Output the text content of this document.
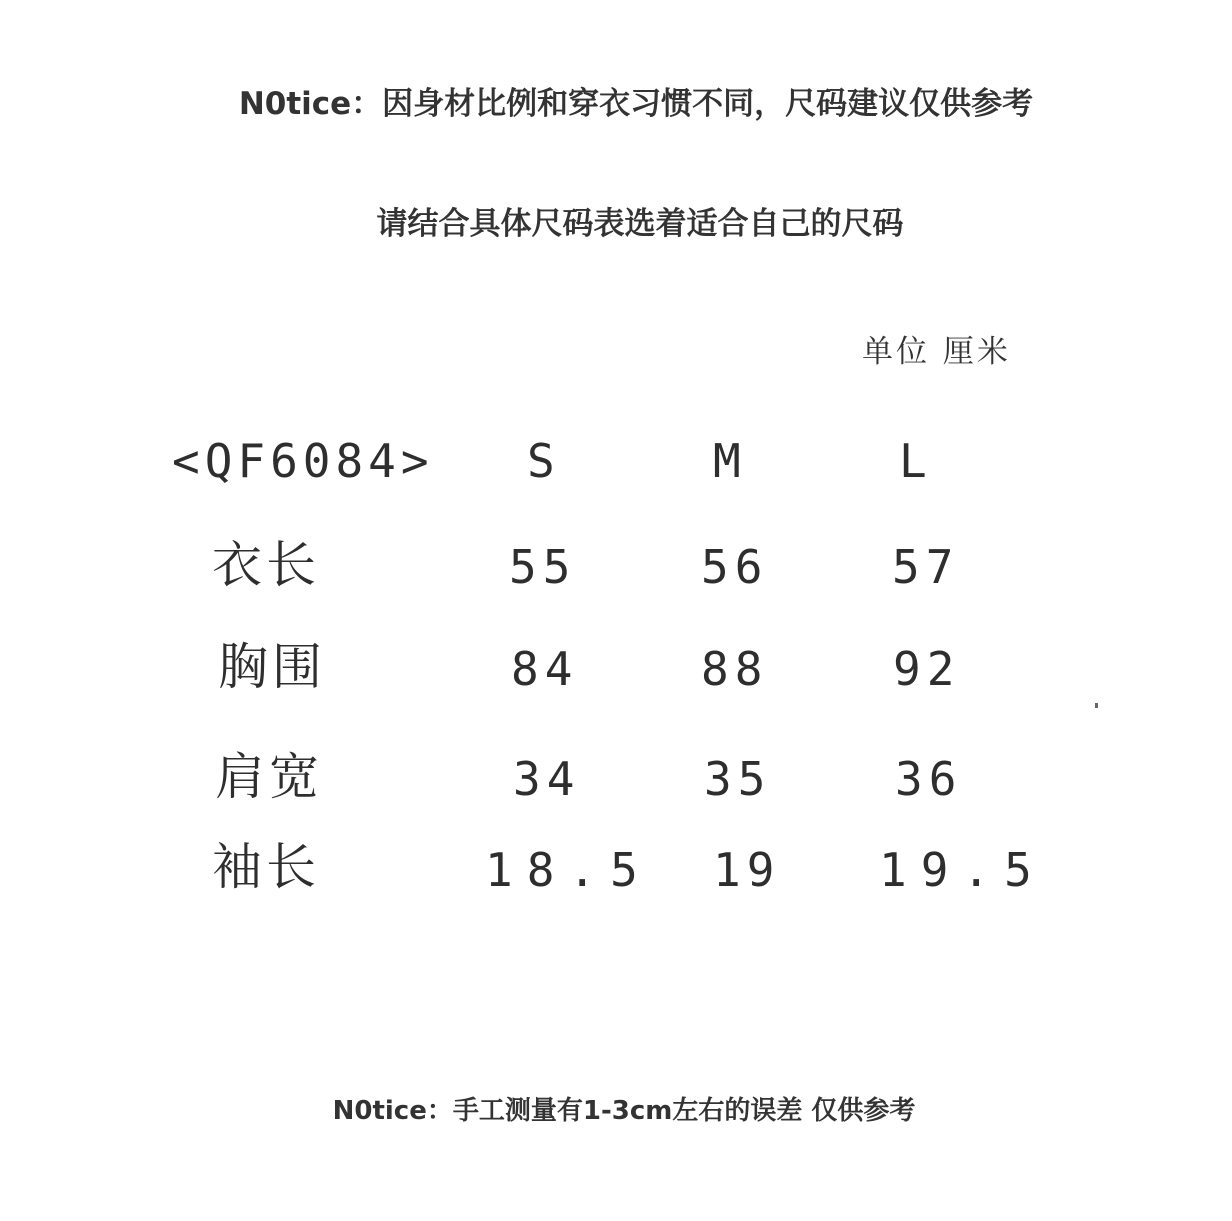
N0tice：因身材比例和穿衣习惯不同，尺码建议仅供参考
请结合具体尺码表选着适合自己的尺码
单位 厘米
<QF6084> S	M	L
衣长	55	56	57
胸围	84	88	92
肩宽	34	35	36
袖长	18.5 19 19.5
N0tice：手工测量有1-3cm左右的误差 仅供参考
